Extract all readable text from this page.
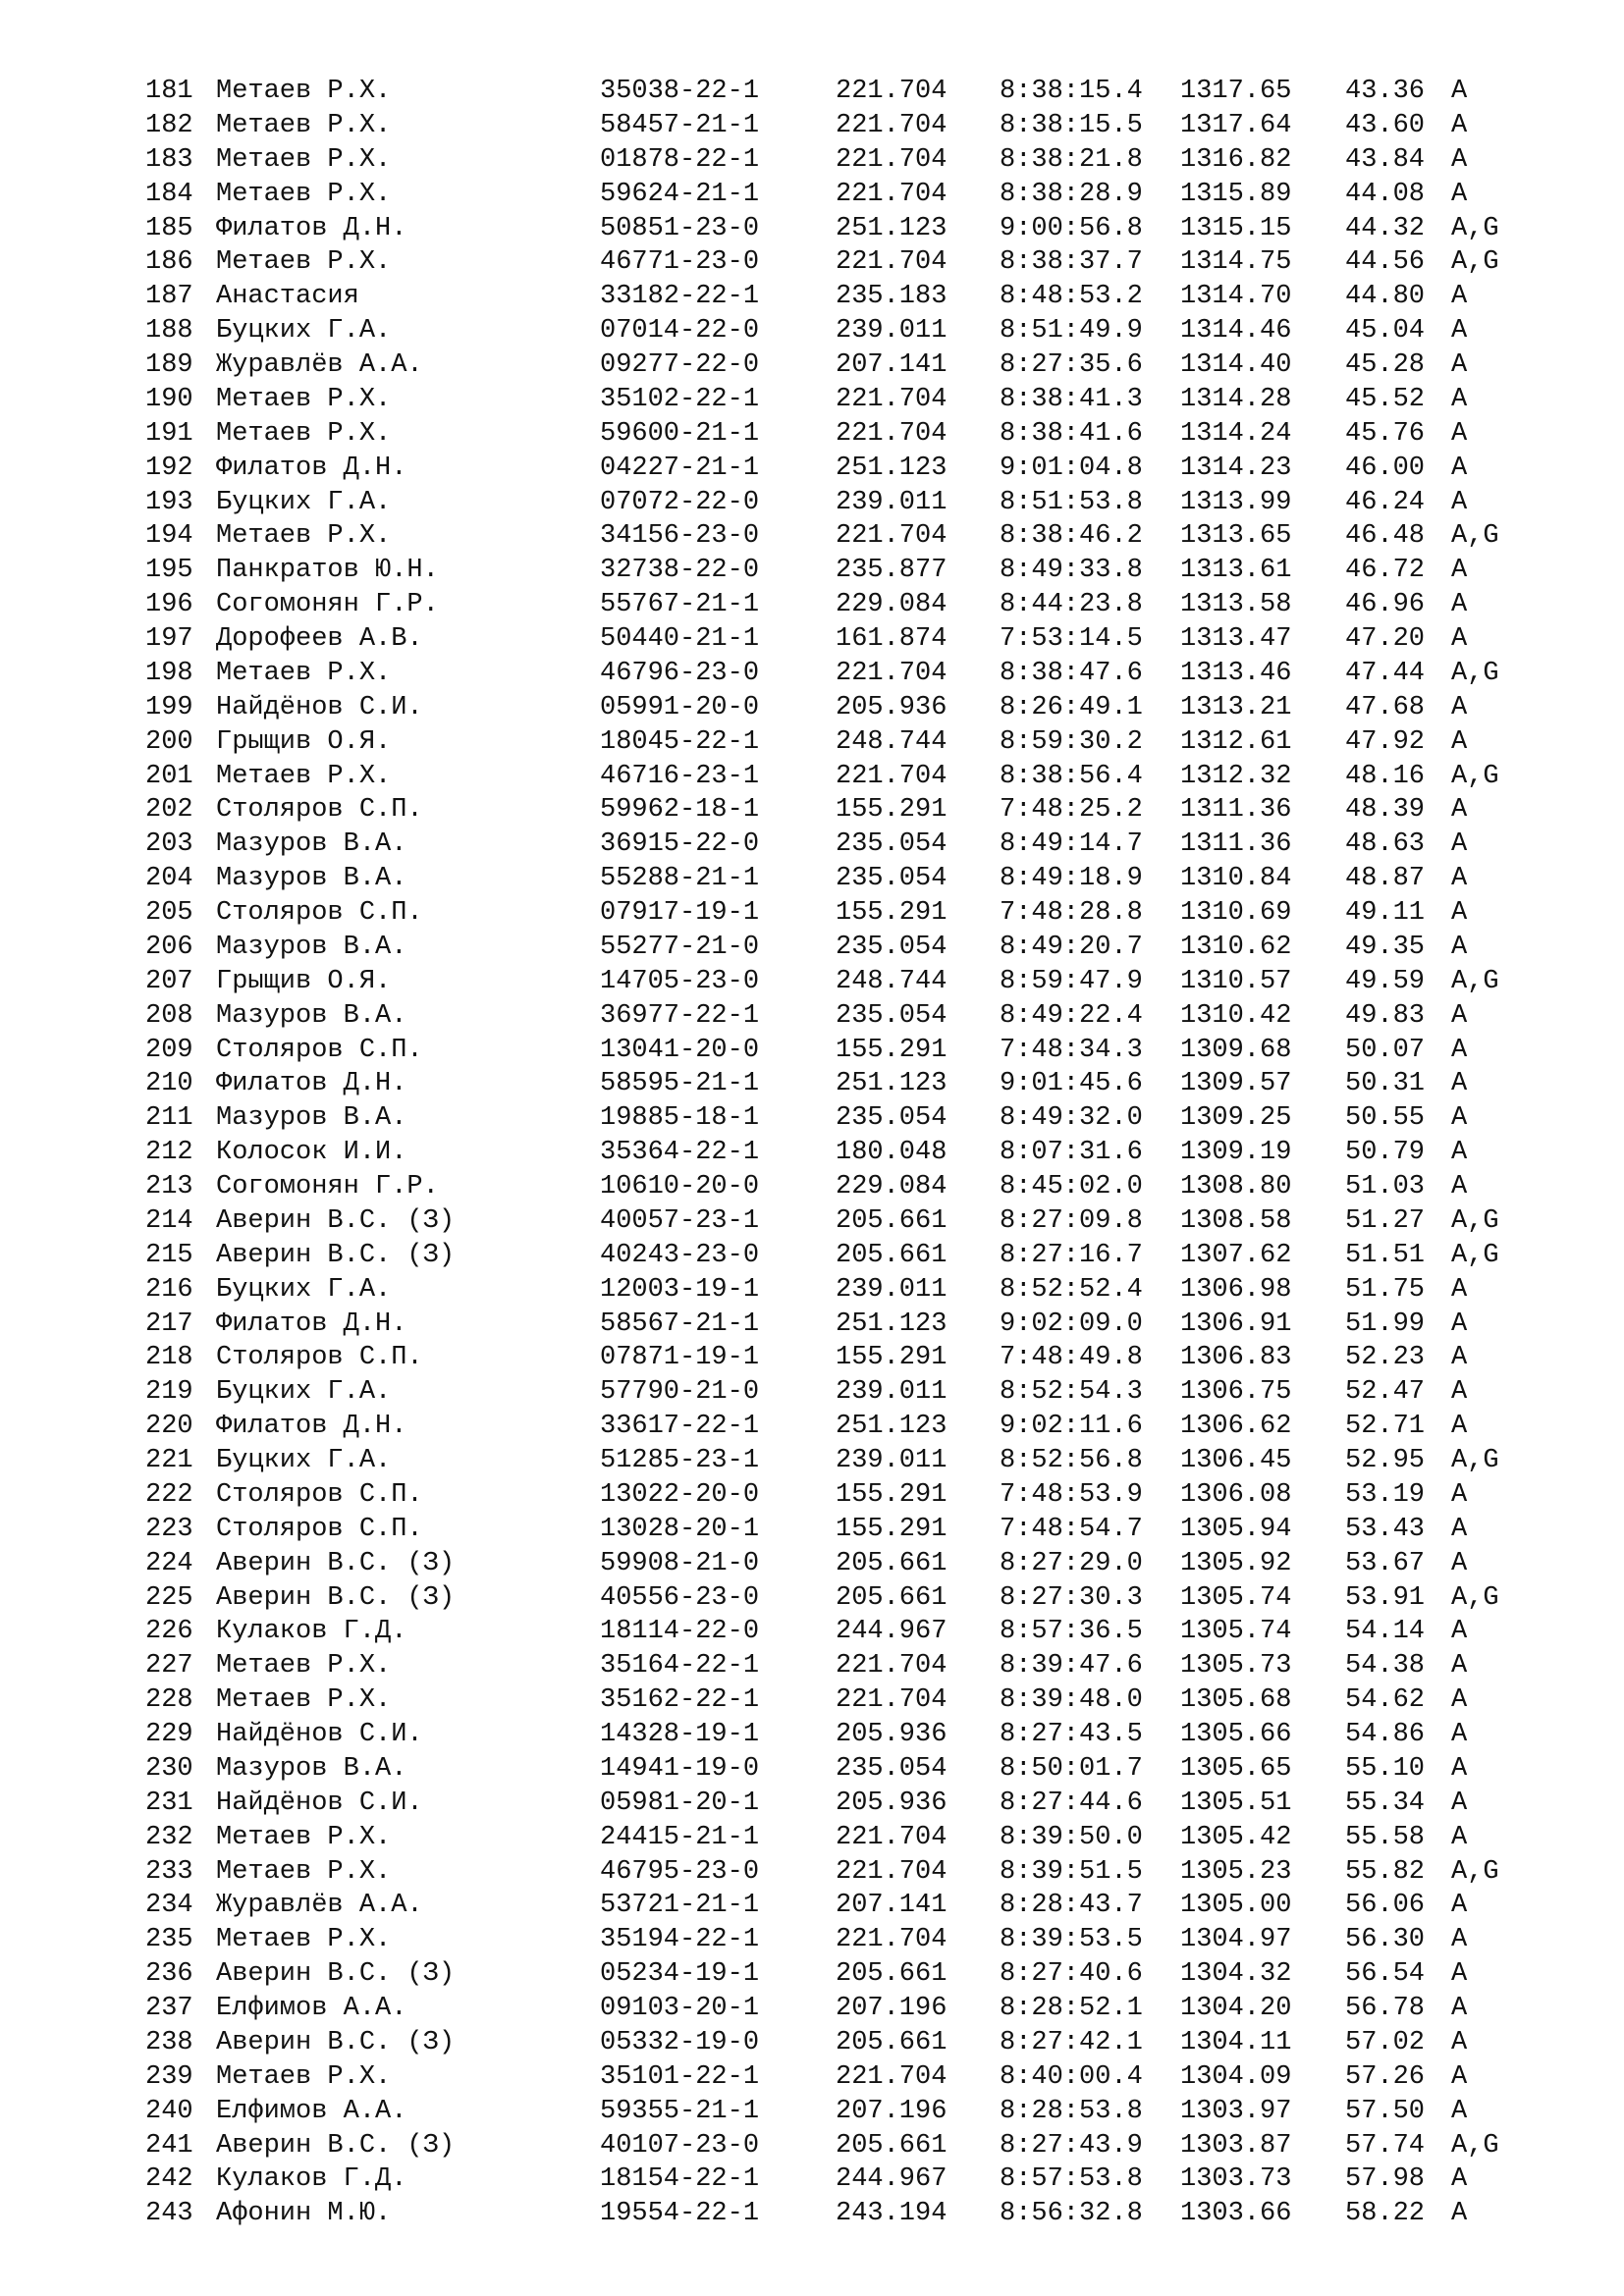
181 Метаев Р.Х.	35038-22-1	221.704 8:38:15.4 1317.65 43.36 A
182 Метаев Р.Х.	58457-21-1	221.704 8:38:15.5 1317.64 43.60 A
183 Метаев Р.Х.	01878-22-1	221.704 8:38:21.8 1316.82 43.84 A
184 Метаев Р.Х.	59624-21-1	221.704 8:38:28.9 1315.89 44.08 A
185 Филатов Д.Н.	50851-23-0	251.123 9:00:56.8 1315.15 44.32 A,G
186 Метаев Р.Х.	46771-23-0	221.704 8:38:37.7 1314.75 44.56 A,G
187 Анастасия	33182-22-1	235.183 8:48:53.2 1314.70 44.80 A
188 Буцких Г.А.	07014-22-0	239.011 8:51:49.9 1314.46 45.04 A
189 Журавлёв А.А.	09277-22-0	207.141 8:27:35.6 1314.40 45.28 A
190 Метаев Р.Х.	35102-22-1	221.704 8:38:41.3 1314.28 45.52 A
191 Метаев Р.Х.	59600-21-1	221.704 8:38:41.6 1314.24 45.76 A
192 Филатов Д.Н.	04227-21-1	251.123 9:01:04.8 1314.23 46.00 A
193 Буцких Г.А.	07072-22-0	239.011 8:51:53.8 1313.99 46.24 A
194 Метаев Р.Х.	34156-23-0	221.704 8:38:46.2 1313.65 46.48 A,G
195 Панкратов Ю.Н.	32738-22-0	235.877 8:49:33.8 1313.61 46.72 A
196 Согомонян Г.Р.	55767-21-1	229.084 8:44:23.8 1313.58 46.96 A
197 Дорофеев А.В.	50440-21-1	161.874 7:53:14.5 1313.47 47.20 A
198 Метаев Р.Х.	46796-23-0	221.704 8:38:47.6 1313.46 47.44 A,G
199 Найдёнов С.И.	05991-20-0	205.936 8:26:49.1 1313.21 47.68 A
200 Грыщив О.Я.	18045-22-1	248.744 8:59:30.2 1312.61 47.92 A
201 Метаев Р.Х.	46716-23-1	221.704 8:38:56.4 1312.32 48.16 A,G
202 Столяров С.П.	59962-18-1	155.291 7:48:25.2 1311.36 48.39 A
203 Мазуров В.А.	36915-22-0	235.054 8:49:14.7 1311.36 48.63 A
204 Мазуров В.А.	55288-21-1	235.054 8:49:18.9 1310.84 48.87 A
205 Столяров С.П.	07917-19-1	155.291 7:48:28.8 1310.69 49.11 A
206 Мазуров В.А.	55277-21-0	235.054 8:49:20.7 1310.62 49.35 A
207 Грыщив О.Я.	14705-23-0	248.744 8:59:47.9 1310.57 49.59 A,G
208 Мазуров В.А.	36977-22-1	235.054 8:49:22.4 1310.42 49.83 A
209 Столяров С.П.	13041-20-0	155.291 7:48:34.3 1309.68 50.07 A
210 Филатов Д.Н.	58595-21-1	251.123 9:01:45.6 1309.57 50.31 A
211 Мазуров В.А.	19885-18-1	235.054 8:49:32.0 1309.25 50.55 A
212 Колосок И.И.	35364-22-1	180.048 8:07:31.6 1309.19 50.79 A
213 Согомонян Г.Р.	10610-20-0	229.084 8:45:02.0 1308.80 51.03 A
214 Аверин В.С. (З)	40057-23-1	205.661 8:27:09.8 1308.58 51.27 A,G
215 Аверин В.С. (З)	40243-23-0	205.661 8:27:16.7 1307.62 51.51 A,G
216 Буцких Г.А.	12003-19-1	239.011 8:52:52.4 1306.98 51.75 A
217 Филатов Д.Н.	58567-21-1	251.123 9:02:09.0 1306.91 51.99 A
218 Столяров С.П.	07871-19-1	155.291 7:48:49.8 1306.83 52.23 A
219 Буцких Г.А.	57790-21-0	239.011 8:52:54.3 1306.75 52.47 A
220 Филатов Д.Н.	33617-22-1	251.123 9:02:11.6 1306.62 52.71 A
221 Буцких Г.А.	51285-23-1	239.011 8:52:56.8 1306.45 52.95 A,G
222 Столяров С.П.	13022-20-0	155.291 7:48:53.9 1306.08 53.19 A
223 Столяров С.П.	13028-20-1	155.291 7:48:54.7 1305.94 53.43 A
224 Аверин В.С. (З)	59908-21-0	205.661 8:27:29.0 1305.92 53.67 A
225 Аверин В.С. (З)	40556-23-0	205.661 8:27:30.3 1305.74 53.91 A,G
226 Кулаков Г.Д.	18114-22-0	244.967 8:57:36.5 1305.74 54.14 A
227 Метаев Р.Х.	35164-22-1	221.704 8:39:47.6 1305.73 54.38 A
228 Метаев Р.Х.	35162-22-1	221.704 8:39:48.0 1305.68 54.62 A
229 Найдёнов С.И.	14328-19-1	205.936 8:27:43.5 1305.66 54.86 A
230 Мазуров В.А.	14941-19-0	235.054 8:50:01.7 1305.65 55.10 A
231 Найдёнов С.И.	05981-20-1	205.936 8:27:44.6 1305.51 55.34 A
232 Метаев Р.Х.	24415-21-1	221.704 8:39:50.0 1305.42 55.58 A
233 Метаев Р.Х.	46795-23-0	221.704 8:39:51.5 1305.23 55.82 A,G
234 Журавлёв А.А.	53721-21-1	207.141 8:28:43.7 1305.00 56.06 A
235 Метаев Р.Х.	35194-22-1	221.704 8:39:53.5 1304.97 56.30 A
236 Аверин В.С. (З)	05234-19-1	205.661 8:27:40.6 1304.32 56.54 A
237 Елфимов А.А.	09103-20-1	207.196 8:28:52.1 1304.20 56.78 A
238 Аверин В.С. (З)	05332-19-0	205.661 8:27:42.1 1304.11 57.02 A
239 Метаев Р.Х.	35101-22-1	221.704 8:40:00.4 1304.09 57.26 A
240 Елфимов А.А.	59355-21-1	207.196 8:28:53.8 1303.97 57.50 A
241 Аверин В.С. (З)	40107-23-0	205.661 8:27:43.9 1303.87 57.74 A,G
242 Кулаков Г.Д.	18154-22-1	244.967 8:57:53.8 1303.73 57.98 A
243 Афонин М.Ю.	19554-22-1	243.194 8:56:32.8 1303.66 58.22 A
